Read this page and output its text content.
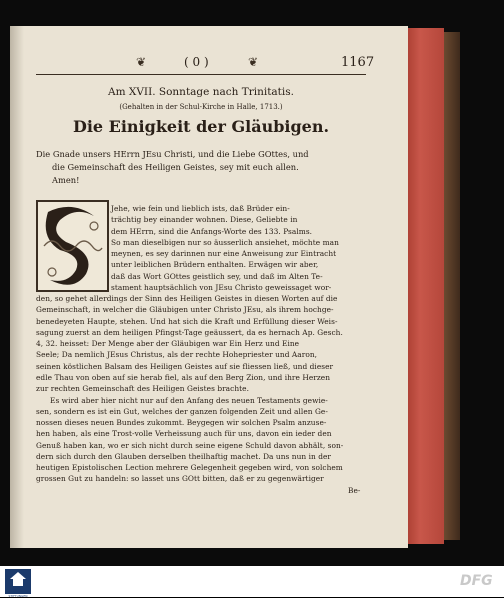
❦	( 0 )	❦	1167
Am XVII. Sonntage nach Trinitatis.
(Gehalten in der Schul-Kirche in Halle, 1713.)
Die Einigkeit der Gläubigen.
Die Gnade unsers HErrn JEsu Christi, und die Liebe GOttes, und
die Gemeinschaft des Heiligen Geistes, sey mit euch allen.
Amen!
Jehe, wie fein und lieblich ists, daß Brüder ein-
trächtig bey einander wohnen. Diese, Geliebte in
dem HErrn, sind die Anfangs-Worte des 133. Psalms.
So man dieselbigen nur so äusserlich ansiehet, möchte man
meynen, es sey darinnen nur eine Anweisung zur Eintracht
unter leiblichen Brüdern enthalten. Erwägen wir aber,
daß das Wort GOttes geistlich sey, und daß im Alten Te-
stament hauptsächlich von JEsu Christo geweissaget wor-
den, so gehet allerdings der Sinn des Heiligen Geistes in diesen Worten auf die
Gemeinschaft, in welcher die Gläubigen unter Christo JEsu, als ihrem hochge-
benedeyeten Haupte, stehen. Und hat sich die Kraft und Erfüllung dieser Weis-
sagung zuerst an dem heiligen Pfingst-Tage geäussert, da es hernach Ap. Gesch.
4, 32. heisset: Der Menge aber der Gläubigen war Ein Herz und Eine
Seele; Da nemlich JEsus Christus, als der rechte Hohepriester und Aaron,
seinen köstlichen Balsam des Heiligen Geistes auf sie fliessen ließ, und dieser
edle Thau von oben auf sie herab fiel, als auf den Berg Zion, und ihre Herzen
zur rechten Gemeinschaft des Heiligen Geistes brachte.
Es wird aber hier nicht nur auf den Anfang des neuen Testaments gewie-
sen, sondern es ist ein Gut, welches der ganzen folgenden Zeit und allen Ge-
nossen dieses neuen Bundes zukommt. Beygegen wir solchen Psalm anzuse-
hen haben, als eine Trost-volle Verheissung auch für uns, davon ein ieder den
Genuß haben kan, wo er sich nicht durch seine eigene Schuld davon abhält, son-
dern sich durch den Glauben derselben theilhaftig machet. Da uns nun in der
heutigen Epistolischen Lection mehrere Gelegenheit gegeben wird, von solchem
grossen Gut zu handeln: so lasset uns GOtt bitten, daß er zu gegenwärtiger
Be-
FRANCKESCHE STIFTUNGEN
DFG
